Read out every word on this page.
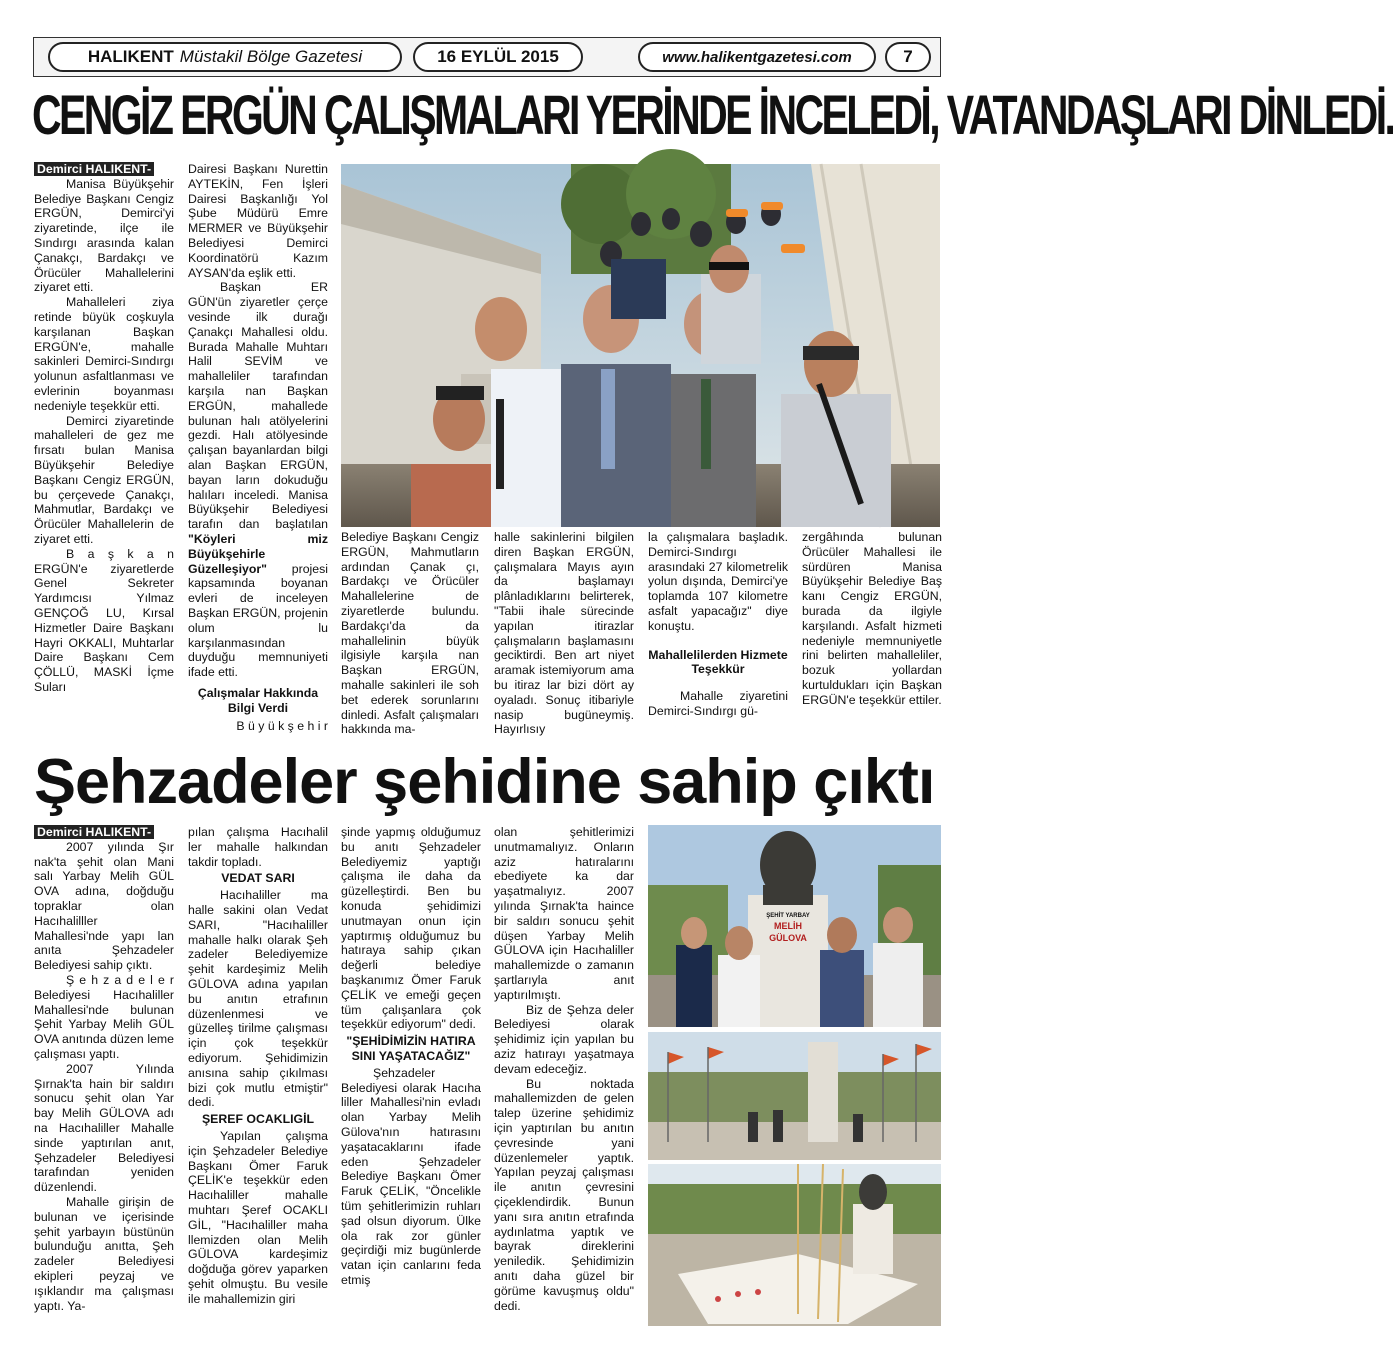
HALIKENT Müstakil Bölge Gazetesi	16 EYLÜL 2015	www.halikentgazetesi.com	7
CENGİZ ERGÜN ÇALIŞMALARI YERİNDE İNCELEDİ, VATANDAŞLARI DİNLEDİ.

Demirci HALIKENT-

Manisa Büyükşehir Belediye Başkanı Cengiz ERGÜN, Demirci'yi ziyaretinde, ilçe ile Sındırgı arasında kalan Çanakçı, Bardakçı ve Örücüler Mahallelerini ziyaret etti.

Mahalleleri ziya retinde büyük coşkuyla karşılanan Başkan ERGÜN'e, mahalle sakinleri Demirci-Sındırgı yolunun asfaltlanması ve evlerinin boyanması nedeniyle teşekkür etti.

Demirci ziyaretinde mahalleleri de gez me fırsatı bulan Manisa Büyükşehir Belediye Başkanı Cengiz ERGÜN, bu çerçevede Çanakçı, Mahmutlar, Bardakçı ve Örücüler Mahallelerin de ziyaret etti.

B a ş k a n ERGÜN'e ziyaretlerde Genel Sekreter Yardımcısı Yılmaz GENÇOĞ LU, Kırsal Hizmetler Daire Başkanı Hayri OKKALI, Muhtarlar Daire Başkanı Cem ÇÖLLÜ, MASKİ İçme Suları

Dairesi Başkanı Nurettin AYTEKİN, Fen İşleri Dairesi Başkanlığı Yol Şube Müdürü Emre MERMER ve Büyükşehir Belediyesi Demirci Koordinatörü Kazım AYSAN'da eşlik etti.

Başkan ER GÜN'ün ziyaretler çerçe vesinde ilk durağı Çanakçı Mahallesi oldu. Burada Mahalle Muhtarı Halil SEVİM ve mahalleliler tarafından karşıla nan Başkan ERGÜN, mahallede bulunan halı atölyelerini gezdi. Halı atölyesinde çalışan bayanlardan bilgi alan Başkan ERGÜN, bayan ların dokuduğu halıları inceledi. Manisa Büyükşehir Belediyesi tarafın dan başlatılan "Köyleri miz Büyükşehirle Güzelleşiyor" projesi kapsamında boyanan evleri de inceleyen Başkan ERGÜN, projenin olum lu karşılanmasından duyduğu memnuniyeti ifade etti.

Çalışmalar Hakkında Bilgi Verdi

B ü y ü k ş e h i r

Belediye Başkanı Cengiz ERGÜN, Mahmutların ardından Çanak çı, Bardakçı ve Örücüler Mahallelerine de ziyaretlerde bulundu. Bardakçı'da da mahallelinin büyük ilgisiyle karşıla nan Başkan ERGÜN, mahalle sakinleri ile soh bet ederek sorunlarını dinledi. Asfalt çalışmaları hakkında ma-

halle sakinlerini bilgilen diren Başkan ERGÜN, çalışmalara Mayıs ayın da başlamayı plânladıklarını belirterek, "Tabii ihale sürecinde yapılan itirazlar çalışmaların başlamasını geciktirdi. Ben art niyet aramak istemiyorum ama bu itiraz lar bizi dört ay oyaladı. Sonuç itibariyle nasip bugüneymiş. Hayırlısıy

la çalışmalara başladık. Demirci-Sındırgı arasındaki 27 kilometrelik yolun dışında, Demirci'ye toplamda 107 kilometre asfalt yapacağız" diye konuştu.

Mahallelilerden Hizmete Teşekkür

Mahalle ziyaretini Demirci-Sındırgı gü-

zergâhında bulunan Örücüler Mahallesi ile sürdüren Manisa Büyükşehir Belediye Baş kanı Cengiz ERGÜN, burada da ilgiyle karşılandı. Asfalt hizmeti nedeniyle memnuniyetle rini belirten mahalleliler, bozuk yollardan kurtuldukları için Başkan ERGÜN'e teşekkür ettiler.

Şehzadeler şehidine sahip çıktı

Demirci HALIKENT-

2007 yılında Şır nak'ta şehit olan Mani salı Yarbay Melih GÜL OVA adına, doğduğu topraklar olan Hacıhalilller Mahallesi'nde yapı lan anıta Şehzadeler Belediyesi sahip çıktı.

Ş e h z a d e l e r Belediyesi Hacıhaliller Mahallesi'nde bulunan Şehit Yarbay Melih GÜL OVA anıtında düzen leme çalışması yaptı.

2007 Yılında Şırnak'ta hain bir saldırı sonucu şehit olan Yar bay Melih GÜLOVA adı na Hacıhaliller Mahalle sinde yaptırılan anıt, Şehzadeler Belediyesi tarafından yeniden düzenlendi.

Mahalle girişin de bulunan ve içerisinde şehit yarbayın büstünün bulunduğu anıtta, Şeh zadeler Belediyesi ekipleri peyzaj ve ışıklandır ma çalışması yaptı. Ya-

pılan çalışma Hacıhalil ler mahalle halkından takdir topladı.

VEDAT SARI

Hacıhaliller ma halle sakini olan Vedat SARI, "Hacıhaliller mahalle halkı olarak Şeh zadeler Belediyemize şehit kardeşimiz Melih GÜLOVA adına yapılan bu anıtın etrafının düzenlenmesi ve güzelleş tirilme çalışması için çok teşekkür ediyorum. Şehidimizin anısına sahip çıkılması bizi çok mutlu etmiştir" dedi.

ŞEREF OCAKLIGİL

Yapılan çalışma için Şehzadeler Belediye Başkanı Ömer Faruk ÇELİK'e teşekkür eden Hacıhaliller mahalle muhtarı Şeref OCAKLI GİL, "Hacıhaliller maha llemizden olan Melih GÜLOVA kardeşimiz doğduğa görev yaparken şehit olmuştu. Bu vesile ile mahallemizin giri

şinde yapmış olduğumuz bu anıtı Şehzadeler Belediyemiz yaptığı çalışma ile daha da güzelleştirdi. Ben bu konuda şehidimizi unutmayan onun için yaptırmış olduğumuz bu hatıraya sahip çıkan değerli belediye başkanımız Ömer Faruk ÇELİK ve emeği geçen tüm çalışanlara çok teşekkür ediyorum" dedi.

"ŞEHİDİMİZİN HATIRA SINI YAŞATACAĞIZ"

Şehzadeler Belediyesi olarak Hacıha liller Mahallesi'nin evladı olan Yarbay Melih Gülova'nın hatırasını yaşatacaklarını ifade eden Şehzadeler Belediye Başkanı Ömer Faruk ÇELİK, "Öncelikle tüm şehitlerimizin ruhları şad olsun diyorum. Ülke ola rak zor günler geçirdiği miz bugünlerde vatan için canlarını feda etmiş

olan şehitlerimizi unutmamalıyız. Onların aziz hatıralarını ebediyete ka dar yaşatmalıyız. 2007 yılında Şırnak'ta haince bir saldırı sonucu şehit düşen Yarbay Melih GÜLOVA için Hacıhaliller mahallemizde o zamanın şartlarıyla anıt yaptırılmıştı.

Biz de Şehza deler Belediyesi olarak şehidimiz için yapılan bu aziz hatırayı yaşatmaya devam edeceğiz.

Bu noktada mahallemizden de gelen talep üzerine şehidimiz için yaptırılan bu anıtın çevresinde yani düzenlemeler yaptık. Yapılan peyzaj çalışması ile anıtın çevresini çiçeklendirdik. Bunun yanı sıra anıtın etrafında aydınlatma yaptık ve bayrak direklerini yeniledik. Şehidimizin anıtı daha güzel bir görüme kavuşmuş oldu" dedi.

ŞEHİT YARBAY
MELİH
GÜLOVA
